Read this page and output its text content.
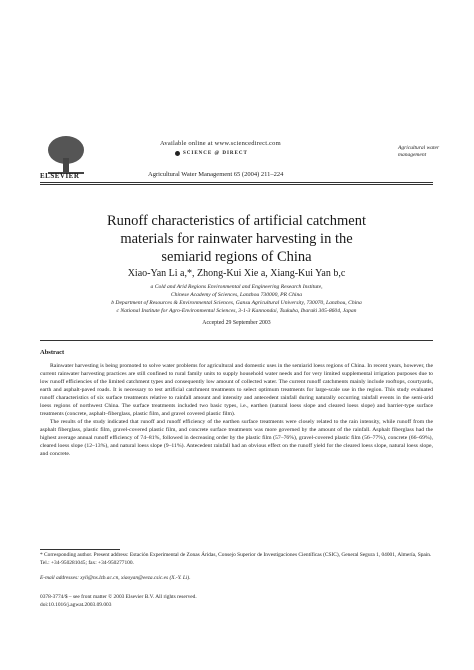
ELSEVIER
Available online at www.sciencedirect.com
SCIENCE @ DIRECT
Agricultural Water Management 65 (2004) 211–224
Agricultural water management
Runoff characteristics of artificial catchment
materials for rainwater harvesting in the
semiarid regions of China
Xiao-Yan Li a,*, Zhong-Kui Xie a, Xiang-Kui Yan b,c
a Cold and Arid Regions Environmental and Engineering Research Institute,
Chinese Academy of Sciences, Lanzhou 730000, PR China
b Department of Resources & Environmental Sciences, Gansu Agricultural University, 730070, Lanzhou, China
c National Institute for Agro-Environmental Sciences, 3-1-3 Kannondai, Tsukuba, Ibaraki 305-8604, Japan
Accepted 29 September 2003
Abstract

Rainwater harvesting is being promoted to solve water problems for agricultural and domestic uses in the semiarid loess regions of China. In recent years, however, the current rainwater harvesting practices are still confined to rural family units to supply household water needs and for very limited supplemental irrigation purposes due to low runoff efficiencies of the limited catchment types and consequently low amount of collected water. The current runoff catchments mainly include rooftops, courtyards, earth and asphalt-paved roads. It is necessary to test artificial catchment treatments to select optimum treatments for large-scale use in the region. This study evaluated runoff characteristics of six surface treatments relative to rainfall amount and intensity and antecedent rainfall during naturally occurring rainfall events in the semi-arid loess regions of northwest China. The surface treatments included two basic types, i.e., earthen (natural loess slope and cleared loess slope) and barrier-type surface treatments (concrete, asphalt–fiberglass, plastic film, and gravel covered plastic film).

The results of the study indicated that runoff and runoff efficiency of the earthen surface treatments were closely related to the rain intensity, while runoff from the asphalt fiberglass, plastic film, gravel-covered plastic film, and concrete surface treatments was more governed by the amount of the rainfall. Asphalt fiberglass had the highest average annual runoff efficiency of 74–81%, followed in decreasing order by the plastic film (57–76%), gravel-covered plastic film (56–77%), concrete (66–69%), cleared loess slope (12–13%), and natural loess slope (9–11%). Antecedent rainfall had an obvious effect on the runoff yield for the cleared loess slope, natural loess slope, and concrete.

* Corresponding author. Present address: Estación Experimental de Zonas Áridas, Consejo Superior de Investigaciones Científicas (CSIC), General Segura 1, 04001, Almería, Spain. Tel.: +34-950281045; fax: +34-950277100.
E-mail addresses: xyli@ns.lzb.ac.cn, xiaoyan@eeza.csic.es (X.-Y. Li).
0378-3774/$ – see front matter © 2003 Elsevier B.V. All rights reserved.
doi:10.1016/j.agwat.2003.09.003
